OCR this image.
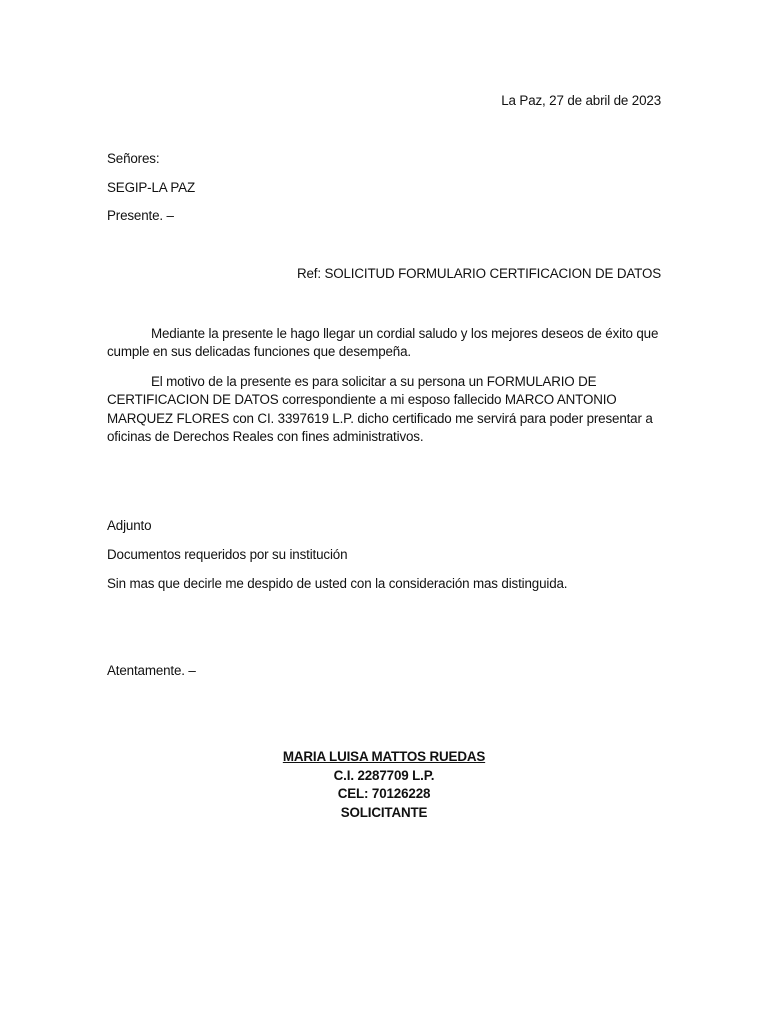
La Paz, 27 de abril de 2023
Señores:
SEGIP-LA PAZ
Presente. –
Ref: SOLICITUD FORMULARIO CERTIFICACION DE DATOS
Mediante la presente le hago llegar un cordial saludo y los mejores deseos de éxito que cumple en sus delicadas funciones que desempeña.
El motivo de la presente es para solicitar a su persona un FORMULARIO DE CERTIFICACION DE DATOS correspondiente a mi esposo fallecido MARCO ANTONIO MARQUEZ FLORES con CI. 3397619 L.P. dicho certificado me servirá para poder presentar a oficinas de Derechos Reales con fines administrativos.
Adjunto
Documentos requeridos por su institución
Sin mas que decirle me despido de usted con la consideración mas distinguida.
Atentamente. –
MARIA LUISA MATTOS RUEDAS
C.I. 2287709 L.P.
CEL: 70126228
SOLICITANTE
